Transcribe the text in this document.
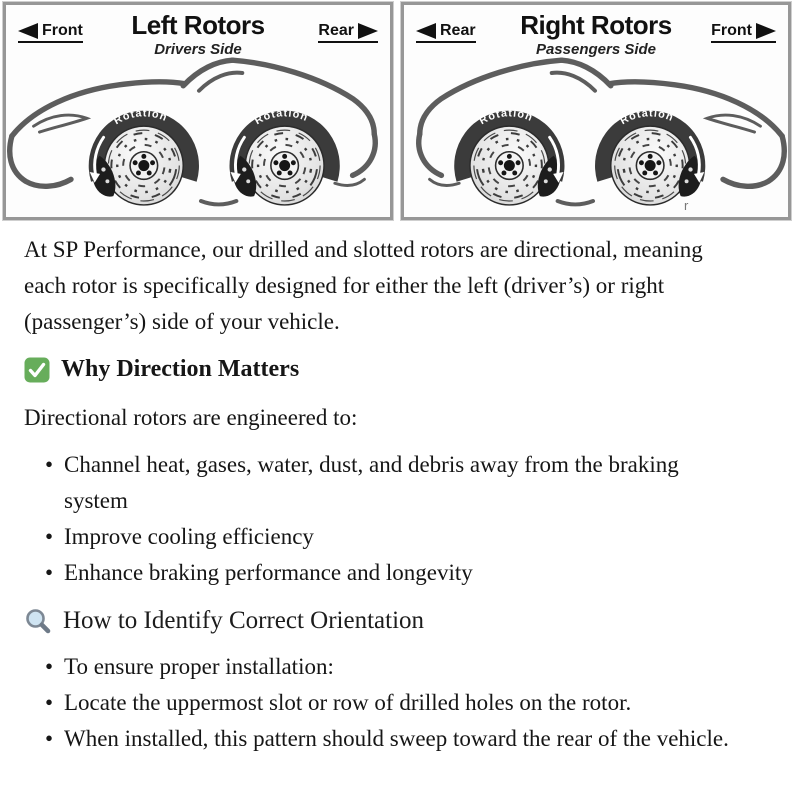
Front	Left Rotors
Drivers Side
Rear
Rotation	Rotation
Rear	Right Rotors
Passengers Side
Front
Rotation	Rotation
r

At SP Performance, our drilled and slotted rotors are directional, meaning each rotor is specifically designed for either the left (driver’s) or right (passenger’s) side of your vehicle.

Why Direction Matters

Directional rotors are engineered to:

• Channel heat, gases, water, dust, and debris away from the braking system
• Improve cooling efficiency
• Enhance braking performance and longevity
How to Identify Correct Orientation
• To ensure proper installation:
• Locate the uppermost slot or row of drilled holes on the rotor.
• When installed, this pattern should sweep toward the rear of the vehicle.
